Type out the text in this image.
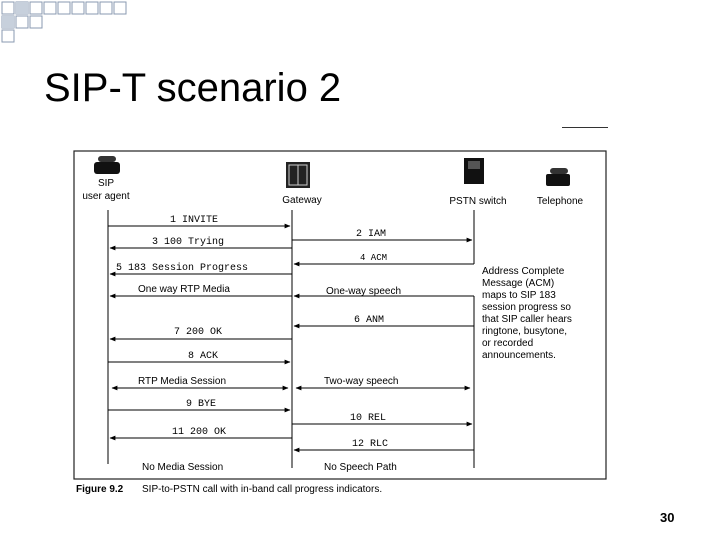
SIP-T scenario 2
SIP
user agent	Gateway	PSTN switch	Telephone
1 INVITE
2 IAM
3 100 Trying
4 ACM
5 183 Session Progress
One way RTP Media	One-way speech
6 ANM
7 200 OK
8 ACK
RTP Media Session	Two-way speech
9 BYE
10 REL
11 200 OK
12 RLC
No Media Session	No Speech Path
Address Complete
Message (ACM)
maps to SIP 183
session progress so
that SIP caller hears
ringtone, busytone,
or recorded
announcements.
Figure 9.2 SIP-to-PSTN call with in-band call progress indicators.
30
